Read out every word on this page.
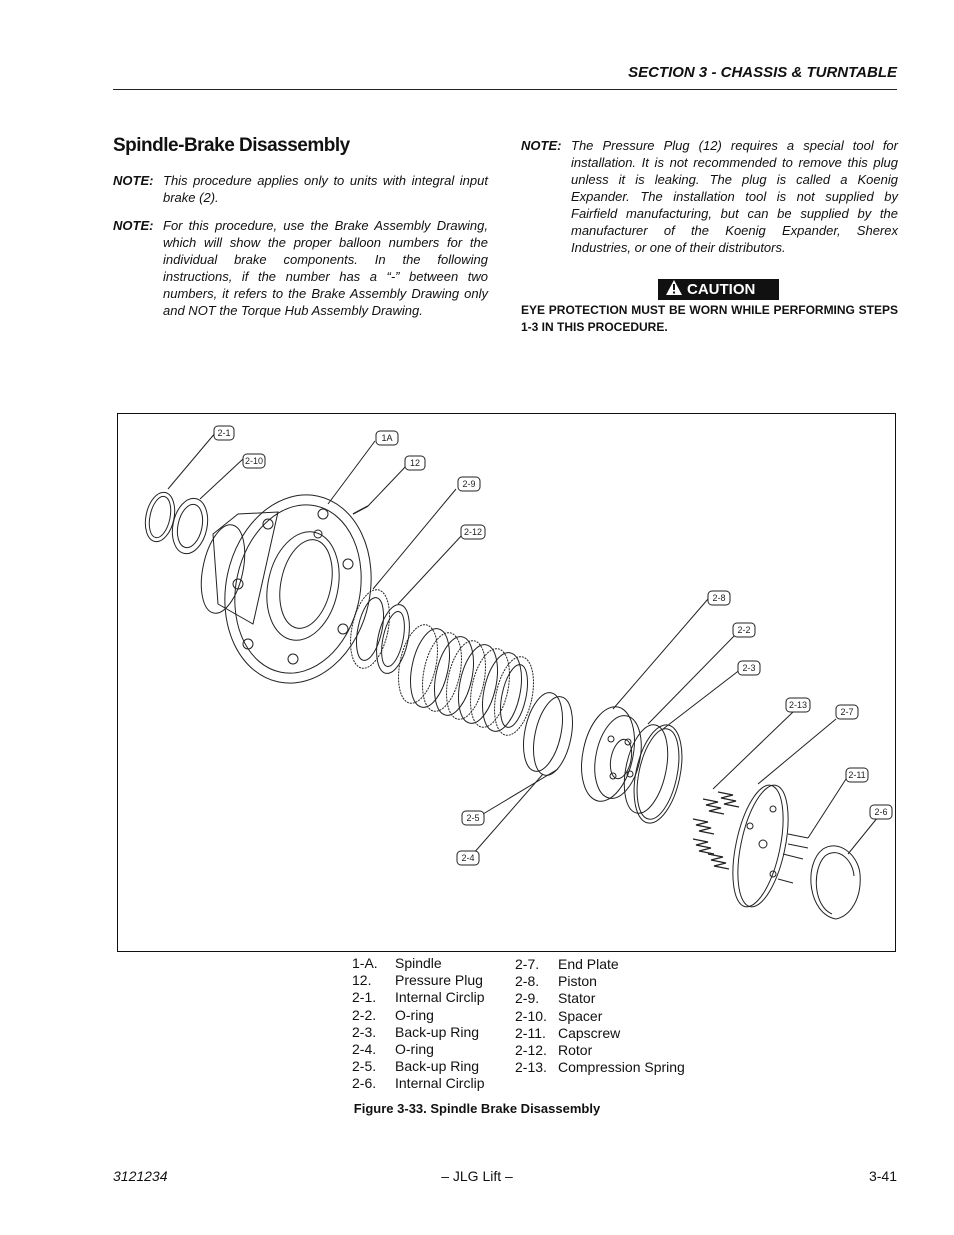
SECTION 3 - CHASSIS & TURNTABLE
Spindle-Brake Disassembly
NOTE: This procedure applies only to units with integral input brake (2).
NOTE: For this procedure, use the Brake Assembly Drawing, which will show the proper balloon numbers for the individual brake components. In the following instructions, if the number has a “-” between two numbers, it refers to the Brake Assembly Drawing only and NOT the Torque Hub Assembly Drawing.
NOTE: The Pressure Plug (12) requires a special tool for installation. It is not recommended to remove this plug unless it is leaking. The plug is called a Koenig Expander. The installation tool is not supplied by Fairfield manufacturing, but can be supplied by the manufacturer of the Koenig Expander, Sherex Industries, or one of their distributors.
CAUTION
EYE PROTECTION MUST BE WORN WHILE PERFORMING STEPS 1-3 IN THIS PROCEDURE.
2-1
2-10
1A
12
2-9
2-12
2-8
2-2
2-3
2-13
2-7
2-11
2-6
2-5
2-4
1-A. Spindle
12. Pressure Plug
2-1. Internal Circlip
2-2. O-ring
2-3. Back-up Ring
2-4. O-ring
2-5. Back-up Ring
2-6. Internal Circlip
2-7. End Plate
2-8. Piston
2-9. Stator
2-10. Spacer
2-11. Capscrew
2-12. Rotor
2-13. Compression Spring
Figure 3-33. Spindle Brake Disassembly
3121234	– JLG Lift –	3-41
